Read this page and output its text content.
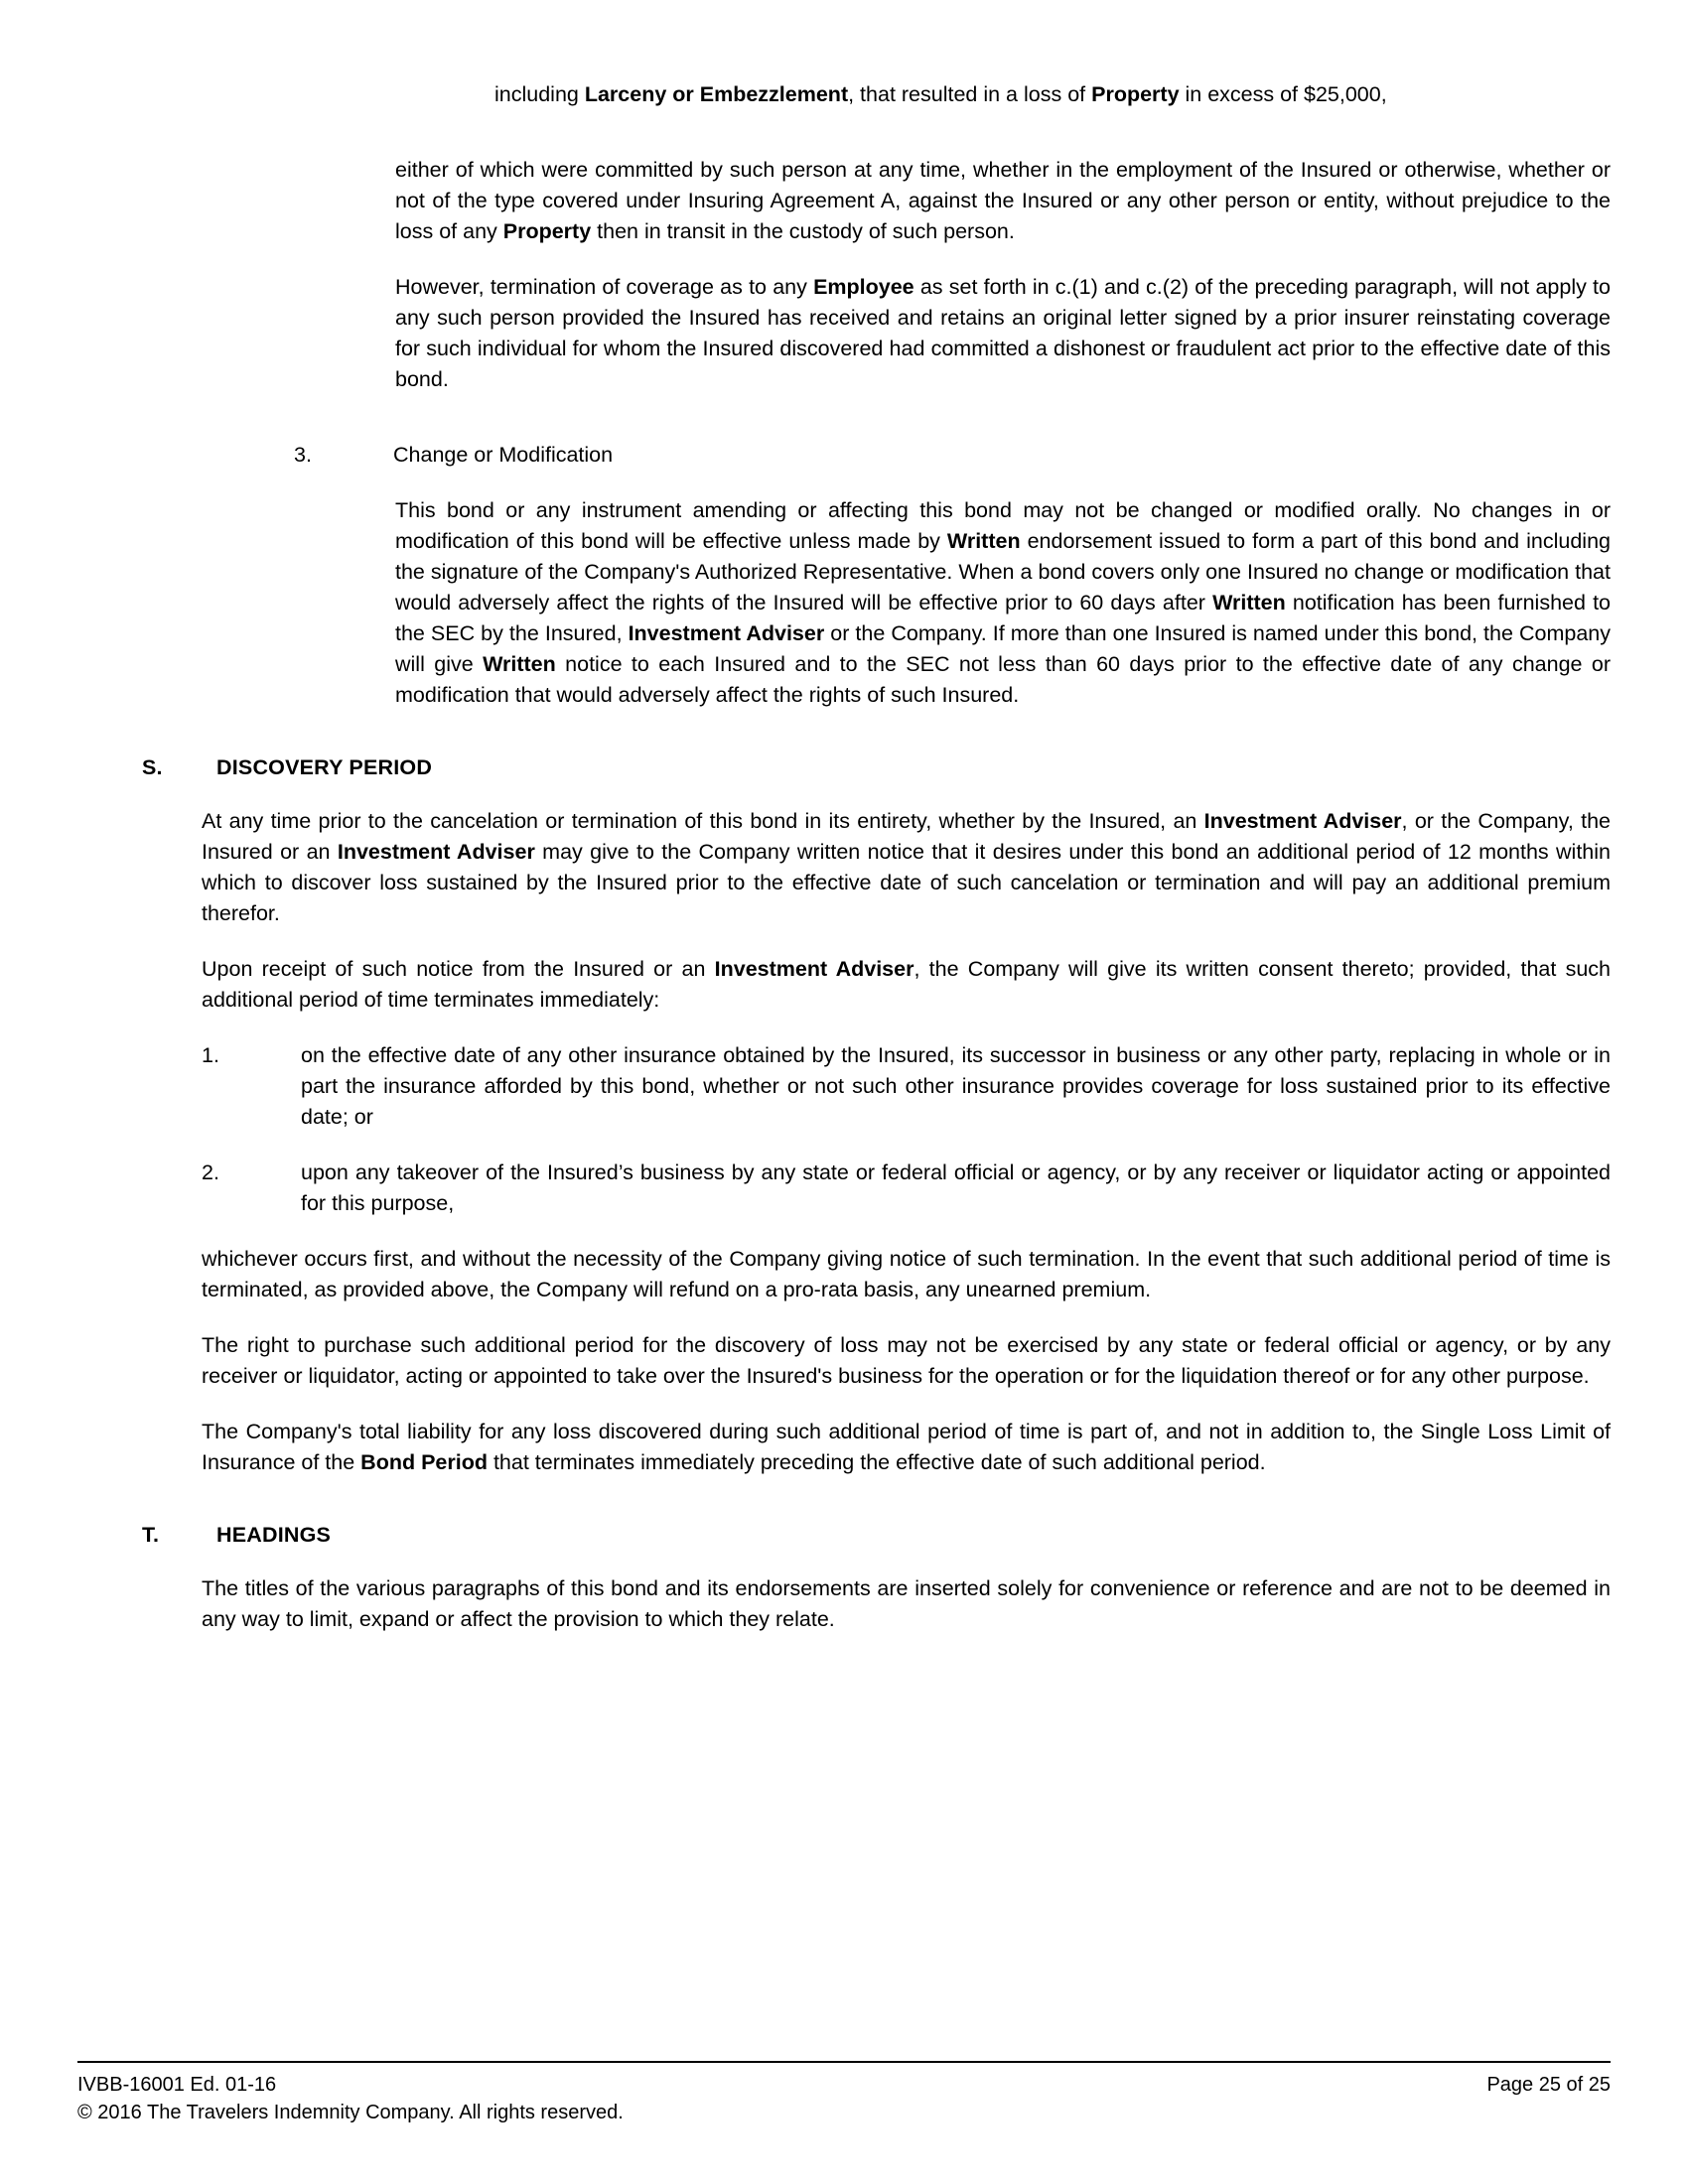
including Larceny or Embezzlement, that resulted in a loss of Property in excess of $25,000,

either of which were committed by such person at any time, whether in the employment of the Insured or otherwise, whether or not of the type covered under Insuring Agreement A, against the Insured or any other person or entity, without prejudice to the loss of any Property then in transit in the custody of such person.

However, termination of coverage as to any Employee as set forth in c.(1) and c.(2) of the preceding paragraph, will not apply to any such person provided the Insured has received and retains an original letter signed by a prior insurer reinstating coverage for such individual for whom the Insured discovered had committed a dishonest or fraudulent act prior to the effective date of this bond.

3.	Change or Modification

This bond or any instrument amending or affecting this bond may not be changed or modified orally. No changes in or modification of this bond will be effective unless made by Written endorsement issued to form a part of this bond and including the signature of the Company's Authorized Representative. When a bond covers only one Insured no change or modification that would adversely affect the rights of the Insured will be effective prior to 60 days after Written notification has been furnished to the SEC by the Insured, Investment Adviser or the Company. If more than one Insured is named under this bond, the Company will give Written notice to each Insured and to the SEC not less than 60 days prior to the effective date of any change or modification that would adversely affect the rights of such Insured.

S.	DISCOVERY PERIOD

At any time prior to the cancelation or termination of this bond in its entirety, whether by the Insured, an Investment Adviser, or the Company, the Insured or an Investment Adviser may give to the Company written notice that it desires under this bond an additional period of 12 months within which to discover loss sustained by the Insured prior to the effective date of such cancelation or termination and will pay an additional premium therefor.

Upon receipt of such notice from the Insured or an Investment Adviser, the Company will give its written consent thereto; provided, that such additional period of time terminates immediately:

1.	on the effective date of any other insurance obtained by the Insured, its successor in business or any other party, replacing in whole or in part the insurance afforded by this bond, whether or not such other insurance provides coverage for loss sustained prior to its effective date; or
2.	upon any takeover of the Insured’s business by any state or federal official or agency, or by any receiver or liquidator acting or appointed for this purpose,

whichever occurs first, and without the necessity of the Company giving notice of such termination. In the event that such additional period of time is terminated, as provided above, the Company will refund on a pro-rata basis, any unearned premium.

The right to purchase such additional period for the discovery of loss may not be exercised by any state or federal official or agency, or by any receiver or liquidator, acting or appointed to take over the Insured's business for the operation or for the liquidation thereof or for any other purpose.

The Company's total liability for any loss discovered during such additional period of time is part of, and not in addition to, the Single Loss Limit of Insurance of the Bond Period that terminates immediately preceding the effective date of such additional period.

T.	HEADINGS

The titles of the various paragraphs of this bond and its endorsements are inserted solely for convenience or reference and are not to be deemed in any way to limit, expand or affect the provision to which they relate.

IVBB-16001 Ed. 01-16	Page 25 of 25
© 2016 The Travelers Indemnity Company. All rights reserved.
